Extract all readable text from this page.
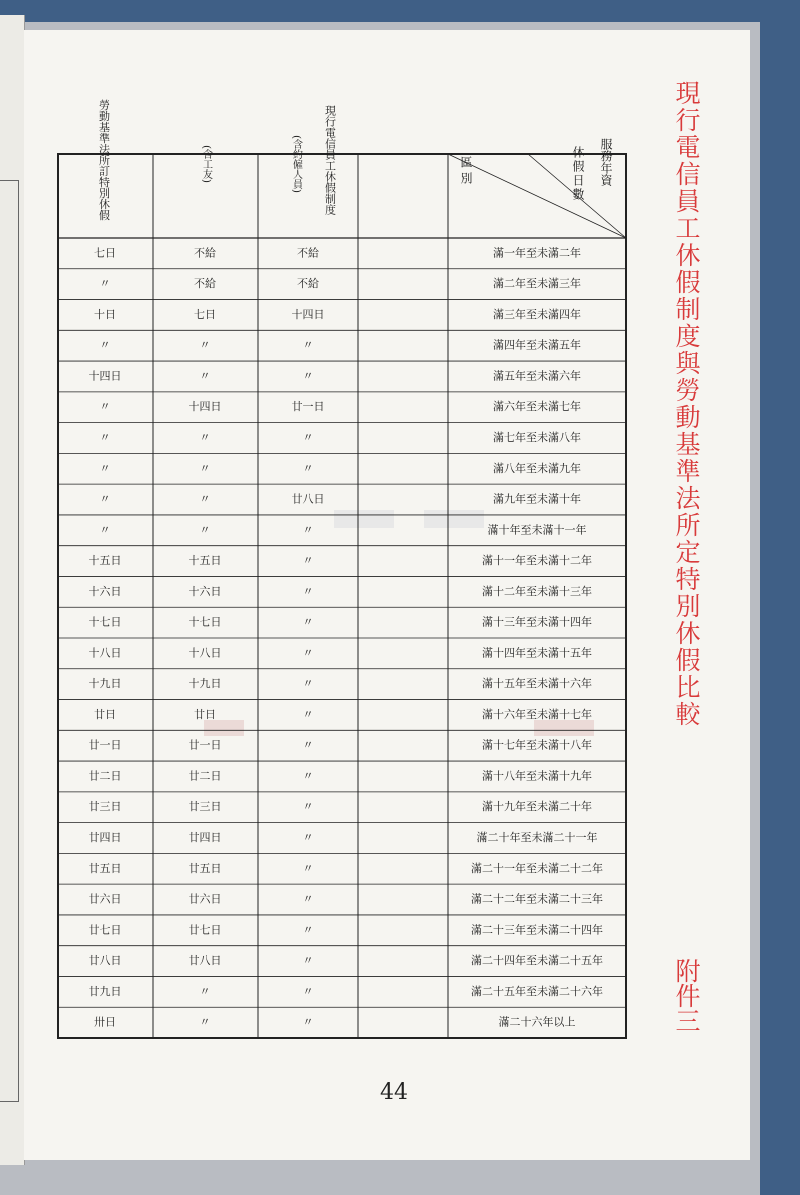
現行電信員工休假制度與勞動基準法所定特別休假比較
附件三
44
服務年資
休假日數
區別
現行電信員工休假制度
(含約僱人員)
(含工友)
勞動基準法所訂特別休假
滿一年至未滿二年
不給
不給
七日
滿二年至未滿三年
不給
不給
〃
滿三年至未滿四年
十四日
七日
十日
滿四年至未滿五年
〃
〃
〃
滿五年至未滿六年
〃
〃
十四日
滿六年至未滿七年
廿一日
十四日
〃
滿七年至未滿八年
〃
〃
〃
滿八年至未滿九年
〃
〃
〃
滿九年至未滿十年
廿八日
〃
〃
滿十年至未滿十一年
〃
〃
〃
滿十一年至未滿十二年
〃
十五日
十五日
滿十二年至未滿十三年
〃
十六日
十六日
滿十三年至未滿十四年
〃
十七日
十七日
滿十四年至未滿十五年
〃
十八日
十八日
滿十五年至未滿十六年
〃
十九日
十九日
滿十六年至未滿十七年
〃
廿日
廿日
滿十七年至未滿十八年
〃
廿一日
廿一日
滿十八年至未滿十九年
〃
廿二日
廿二日
滿十九年至未滿二十年
〃
廿三日
廿三日
滿二十年至未滿二十一年
〃
廿四日
廿四日
滿二十一年至未滿二十二年
〃
廿五日
廿五日
滿二十二年至未滿二十三年
〃
廿六日
廿六日
滿二十三年至未滿二十四年
〃
廿七日
廿七日
滿二十四年至未滿二十五年
〃
廿八日
廿八日
滿二十五年至未滿二十六年
〃
〃
廿九日
滿二十六年以上
〃
〃
卅日
